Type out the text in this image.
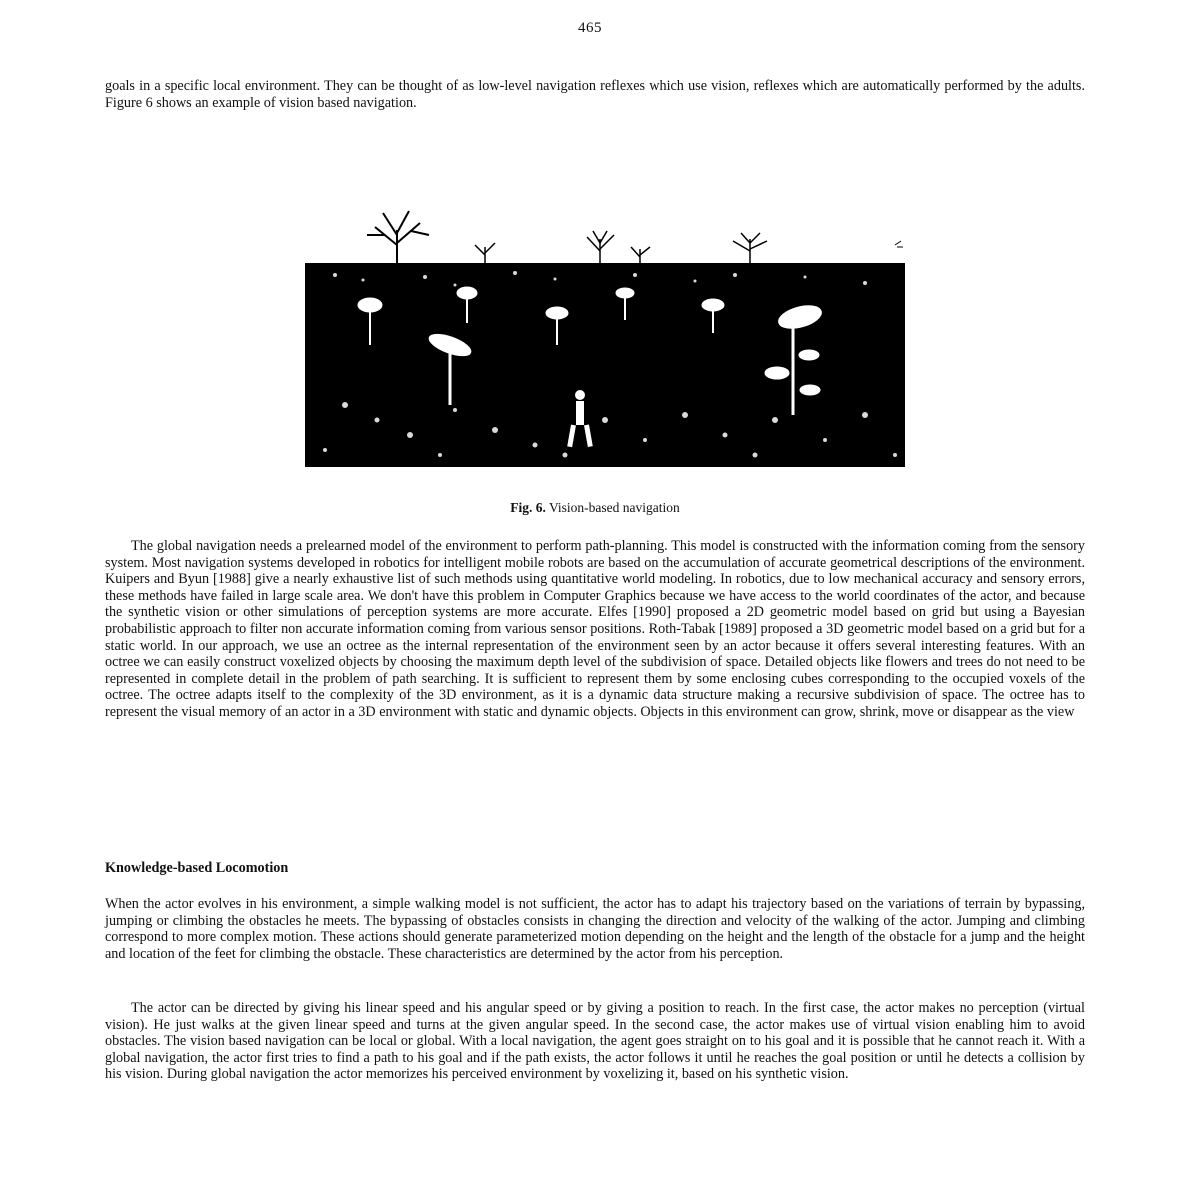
465

goals in a specific local environment. They can be thought of as low-level navigation reflexes which use vision, reflexes which are automatically performed by the adults. Figure 6 shows an example of vision based navigation.

Fig. 6. Vision-based navigation

The global navigation needs a prelearned model of the environment to perform path-planning. This model is constructed with the information coming from the sensory system. Most navigation systems developed in robotics for intelligent mobile robots are based on the accumulation of accurate geometrical descriptions of the environment. Kuipers and Byun [1988] give a nearly exhaustive list of such methods using quantitative world modeling. In robotics, due to low mechanical accuracy and sensory errors, these methods have failed in large scale area. We don't have this problem in Computer Graphics because we have access to the world coordinates of the actor, and because the synthetic vision or other simulations of perception systems are more accurate. Elfes [1990] proposed a 2D geometric model based on grid but using a Bayesian probabilistic approach to filter non accurate information coming from various sensor positions. Roth-Tabak [1989] proposed a 3D geometric model based on a grid but for a static world. In our approach, we use an octree as the internal representation of the environment seen by an actor because it offers several interesting features. With an octree we can easily construct voxelized objects by choosing the maximum depth level of the subdivision of space. Detailed objects like flowers and trees do not need to be represented in complete detail in the problem of path searching. It is sufficient to represent them by some enclosing cubes corresponding to the occupied voxels of the octree. The octree adapts itself to the complexity of the 3D environment, as it is a dynamic data structure making a recursive subdivision of space. The octree has to represent the visual memory of an actor in a 3D environment with static and dynamic objects. Objects in this environment can grow, shrink, move or disappear as the view

Knowledge-based Locomotion

When the actor evolves in his environment, a simple walking model is not sufficient, the actor has to adapt his trajectory based on the variations of terrain by bypassing, jumping or climbing the obstacles he meets. The bypassing of obstacles consists in changing the direction and velocity of the walking of the actor. Jumping and climbing correspond to more complex motion. These actions should generate parameterized motion depending on the height and the length of the obstacle for a jump and the height and location of the feet for climbing the obstacle. These characteristics are determined by the actor from his perception.

The actor can be directed by giving his linear speed and his angular speed or by giving a position to reach. In the first case, the actor makes no perception (virtual vision). He just walks at the given linear speed and turns at the given angular speed. In the second case, the actor makes use of virtual vision enabling him to avoid obstacles. The vision based navigation can be local or global. With a local navigation, the agent goes straight on to his goal and it is possible that he cannot reach it. With a global navigation, the actor first tries to find a path to his goal and if the path exists, the actor follows it until he reaches the goal position or until he detects a collision by his vision. During global navigation the actor memorizes his perceived environment by voxelizing it, based on his synthetic vision.
